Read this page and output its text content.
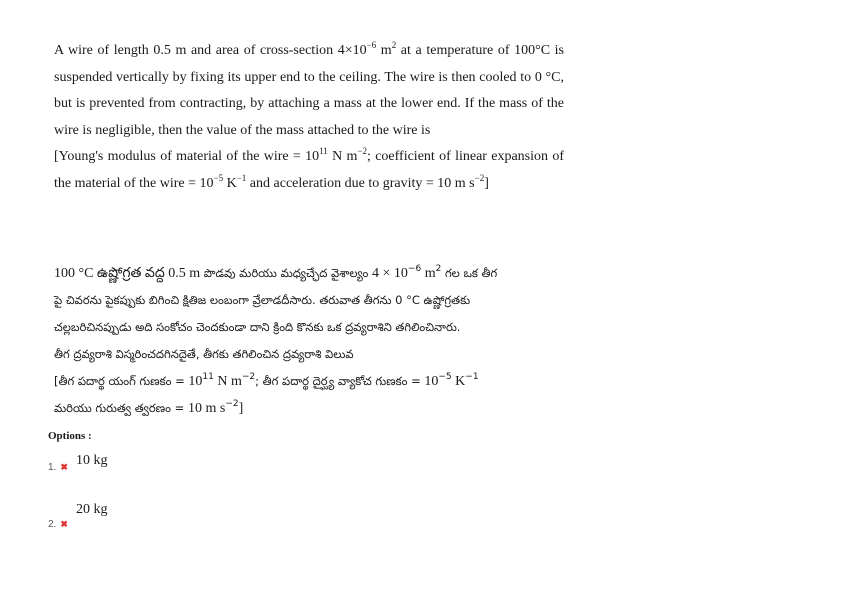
A wire of length 0.5 m and area of cross-section $4\times 10^{-6}$ $m^2$ at a temperature of 100°C is suspended vertically by fixing its upper end to the ceiling. The wire is then cooled to 0 °C, but is prevented from contracting, by attaching a mass at the lower end. If the mass of the wire is negligible, then the value of the mass attached to the wire is

[Young's modulus of material of the wire = $10^{11}$ N $m^{-2}$; coefficient of linear expansion of the material of the wire = $10^{-5}$ $K^{-1}$ and acceleration due to gravity = 10 m $s^{-2}$]

100 °C ఉష్ణోగ్రత వద్ద 0.5 m పొడవు మరియు మధ్యచ్ఛేద వైశాల్యం $4 \times 10^{-6}$ $m^2$ గల ఒక తీగ

పై చివరను పైకప్పుకు బిగించి క్షితిజ లంబంగా వ్రేలాడదీసారు. తరువాత తీగను 0 °C ఉష్ణోగ్రతకు

చల్లబరిచినప్పుడు అది సంకోచం చెందకుండా దాని క్రింది కొనకు ఒక ద్రవ్యరాశిని తగిలించినారు.

తీగ ద్రవ్యరాశి విస్మరించదగినదైతే, తీగకు తగిలించిన ద్రవ్యరాశి విలువ

[తీగ పదార్థ యంగ్ గుణకం = $10^{11}$ N $m^{-2}$; తీగ పదార్థ దైర్ఘ్య వ్యాకోచ గుణకం = $10^{-5}$ $K^{-1}$

మరియు గురుత్వ త్వరణం = 10 m $s^{-2}$]

Options :
1. ✖ 10 kg
2. ✖
20 kg
